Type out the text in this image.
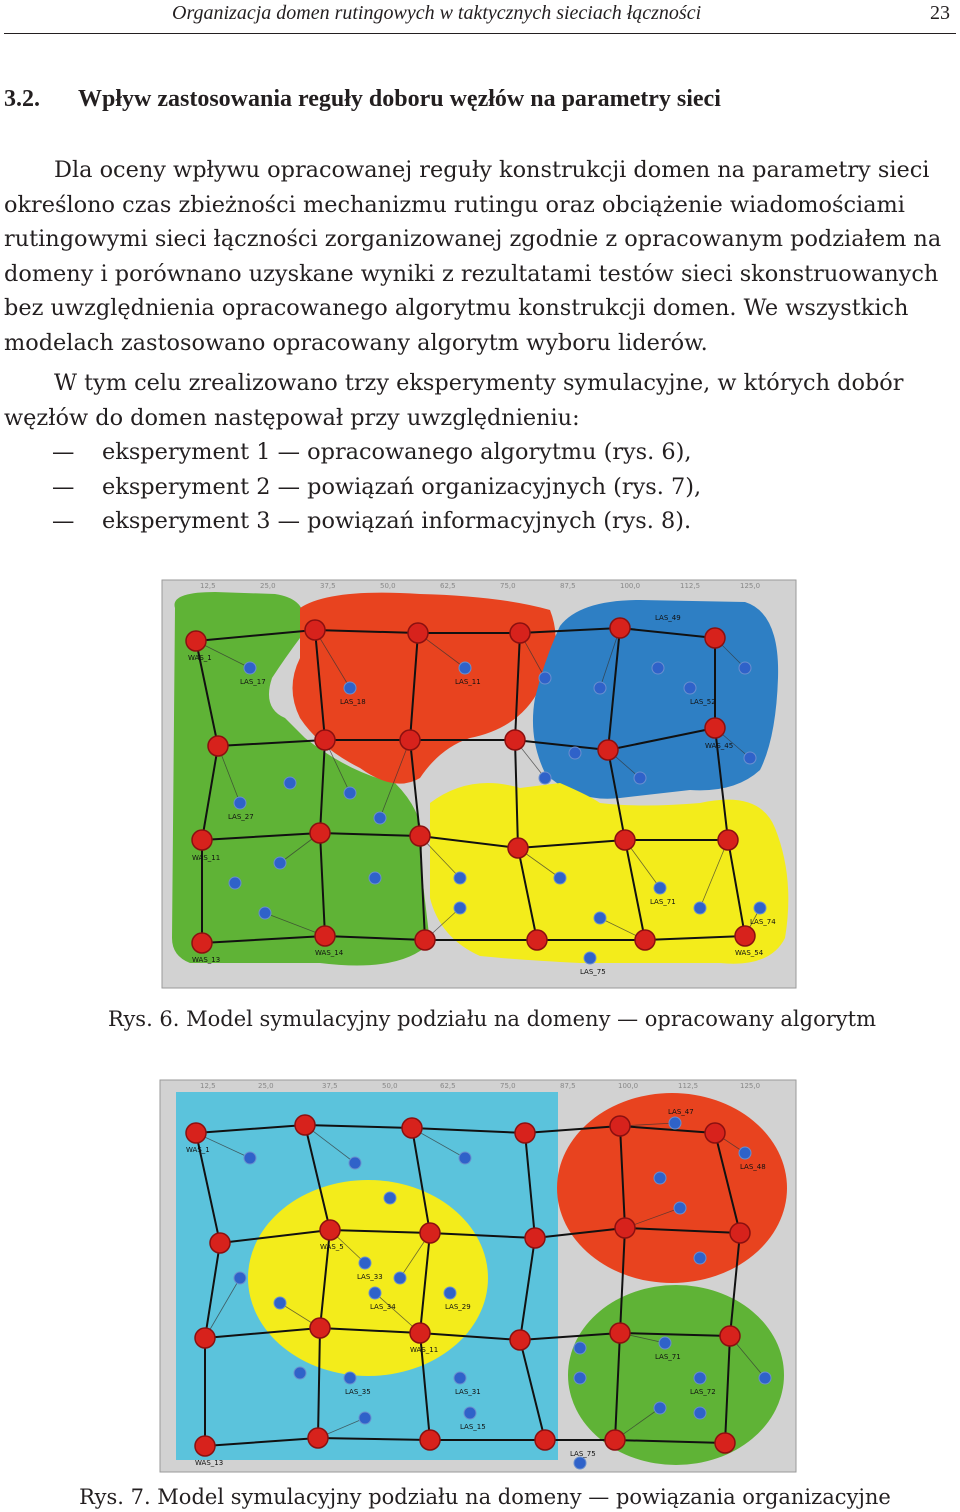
Organizacja domen rutingowych w taktycznych sieciach łączności	23
3.2. Wpływ zastosowania reguły doboru węzłów na parametry sieci

Dla oceny wpływu opracowanej reguły konstrukcji domen na parametry sieci określono czas zbieżności mechanizmu rutingu oraz obciążenie wiadomościami rutingowymi sieci łączności zorganizowanej zgodnie z opracowanym podziałem na domeny i porównano uzyskane wyniki z rezultatami testów sieci skonstruowanych bez uwzględnienia opracowanego algorytmu konstrukcji domen. We wszystkich modelach zastosowano opracowany algorytm wyboru liderów.

W tym celu zrealizowano trzy eksperymenty symulacyjne, w których dobór węzłów do domen następował przy uwzględnieniu:

— eksperyment 1 — opracowanego algorytmu (rys. 6),
— eksperyment 2 — powiązań organizacyjnych (rys. 7),
— eksperyment 3 — powiązań informacyjnych (rys. 8).
12,5	25,0	37,5	50,0	62,5	75,0	87,5	100,0	112,5	125,0
WAS_1
LAS_17
LAS_18
LAS_11
LAS_49
LAS_52
WAS_45
LAS_27
WAS_11
LAS_71
LAS_74
LAS_75
WAS_13
WAS_14	WAS_54
Rys. 6. Model symulacyjny podziału na domeny — opracowany algorytm
12,5	25,0	37,5	50,0	62,5	75,0	87,5	100,0	112,5	125,0
WAS_1
LAS_47
LAS_48
WAS_5
LAS_33
LAS_29
LAS_34
WAS_11
LAS_35	LAS_31
LAS_71
LAS_72
LAS_75
WAS_13
LAS_15
Rys. 7. Model symulacyjny podziału na domeny — powiązania organizacyjne
